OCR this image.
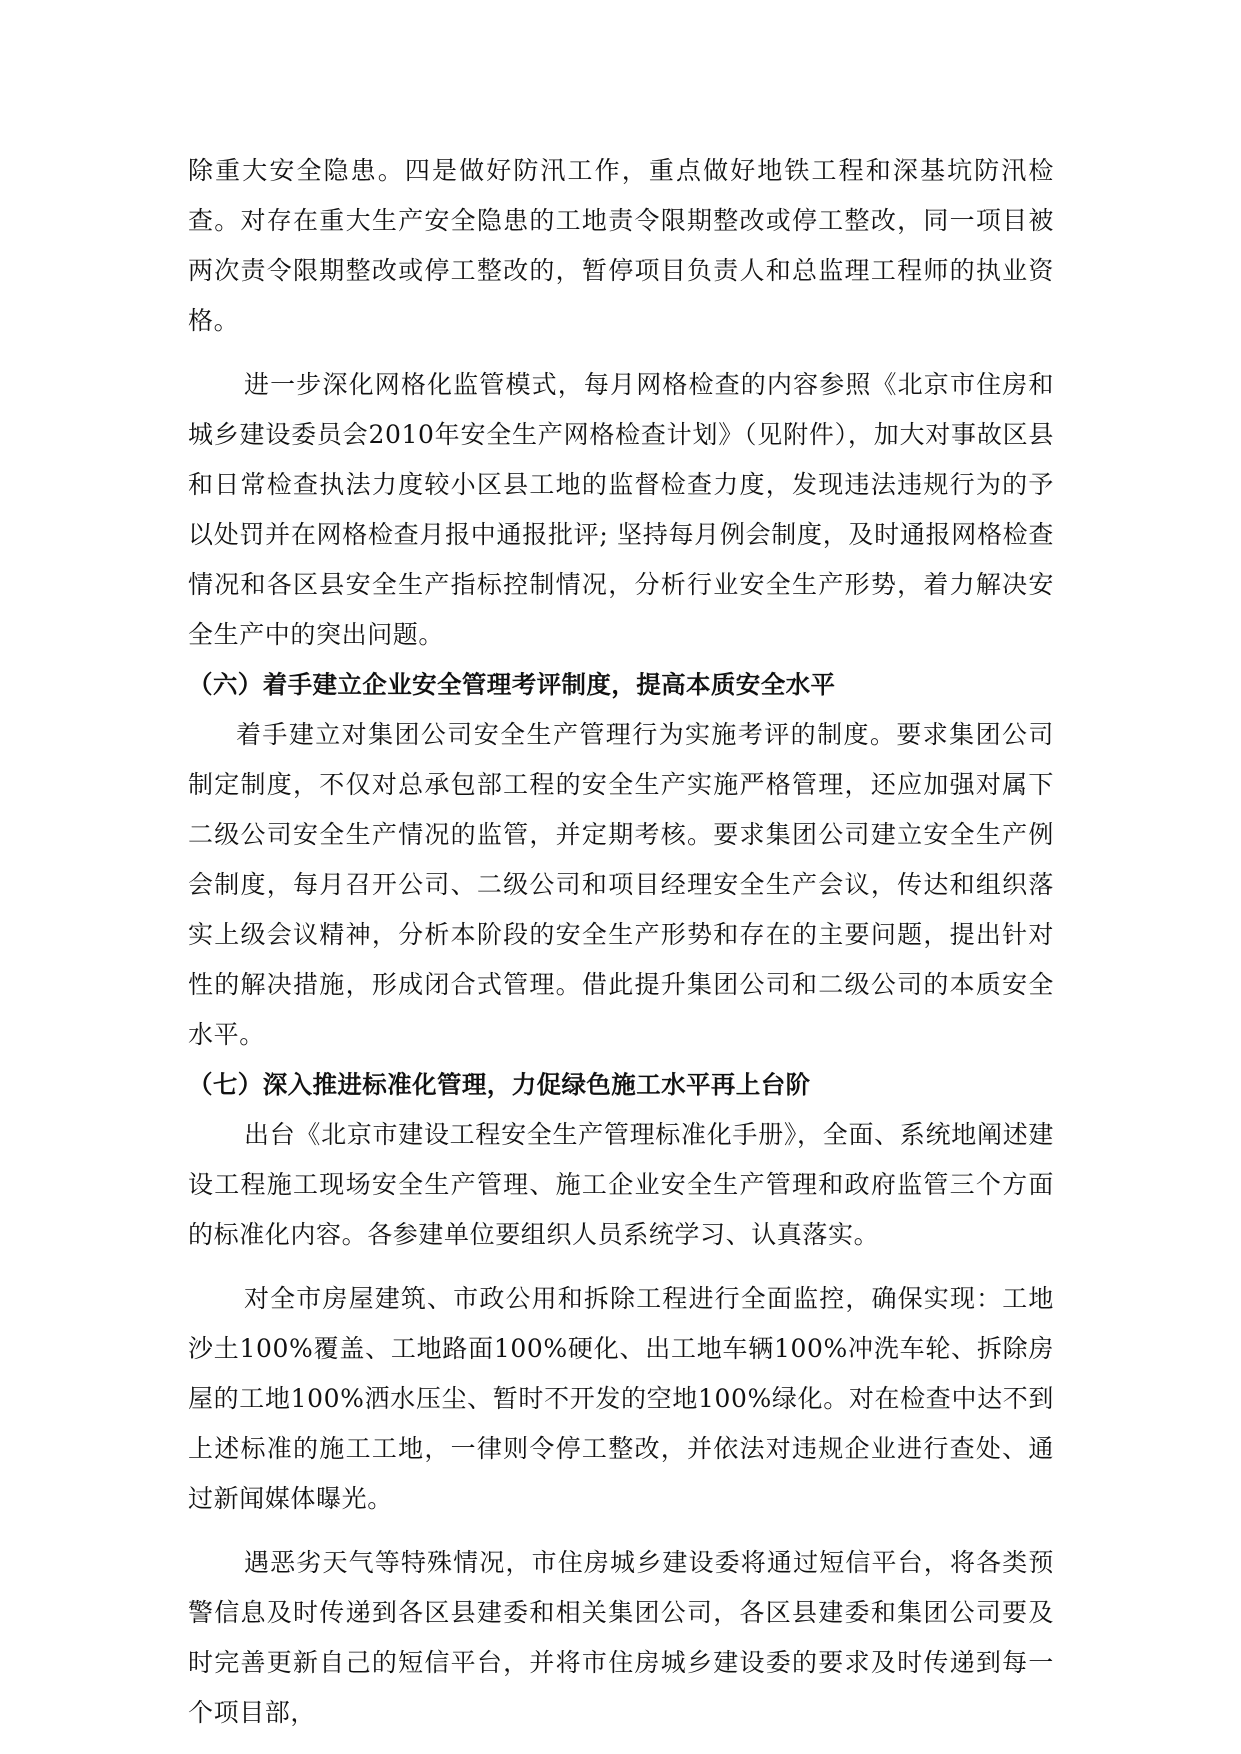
除重大安全隐患。四是做好防汛工作，重点做好地铁工程和深基坑防汛检查。对存在重大生产安全隐患的工地责令限期整改或停工整改，同一项目被两次责令限期整改或停工整改的，暂停项目负责人和总监理工程师的执业资格。

进一步深化网格化监管模式，每月网格检查的内容参照《北京市住房和城乡建设委员会2010年安全生产网格检查计划》（见附件），加大对事故区县和日常检查执法力度较小区县工地的监督检查力度，发现违法违规行为的予以处罚并在网格检查月报中通报批评; 坚持每月例会制度，及时通报网格检查情况和各区县安全生产指标控制情况，分析行业安全生产形势，着力解决安全生产中的突出问题。

（六）着手建立企业安全管理考评制度，提高本质安全水平

着手建立对集团公司安全生产管理行为实施考评的制度。要求集团公司制定制度，不仅对总承包部工程的安全生产实施严格管理，还应加强对属下二级公司安全生产情况的监管，并定期考核。要求集团公司建立安全生产例会制度，每月召开公司、二级公司和项目经理安全生产会议，传达和组织落实上级会议精神，分析本阶段的安全生产形势和存在的主要问题，提出针对性的解决措施，形成闭合式管理。借此提升集团公司和二级公司的本质安全水平。

（七）深入推进标准化管理，力促绿色施工水平再上台阶

出台《北京市建设工程安全生产管理标准化手册》，全面、系统地阐述建设工程施工现场安全生产管理、施工企业安全生产管理和政府监管三个方面的标准化内容。各参建单位要组织人员系统学习、认真落实。

对全市房屋建筑、市政公用和拆除工程进行全面监控，确保实现：工地沙土100%覆盖、工地路面100%硬化、出工地车辆100%冲洗车轮、拆除房屋的工地100%洒水压尘、暂时不开发的空地100%绿化。对在检查中达不到上述标准的施工工地，一律则令停工整改，并依法对违规企业进行查处、通过新闻媒体曝光。

遇恶劣天气等特殊情况，市住房城乡建设委将通过短信平台，将各类预警信息及时传递到各区县建委和相关集团公司，各区县建委和集团公司要及时完善更新自己的短信平台，并将市住房城乡建设委的要求及时传递到每一个项目部，
